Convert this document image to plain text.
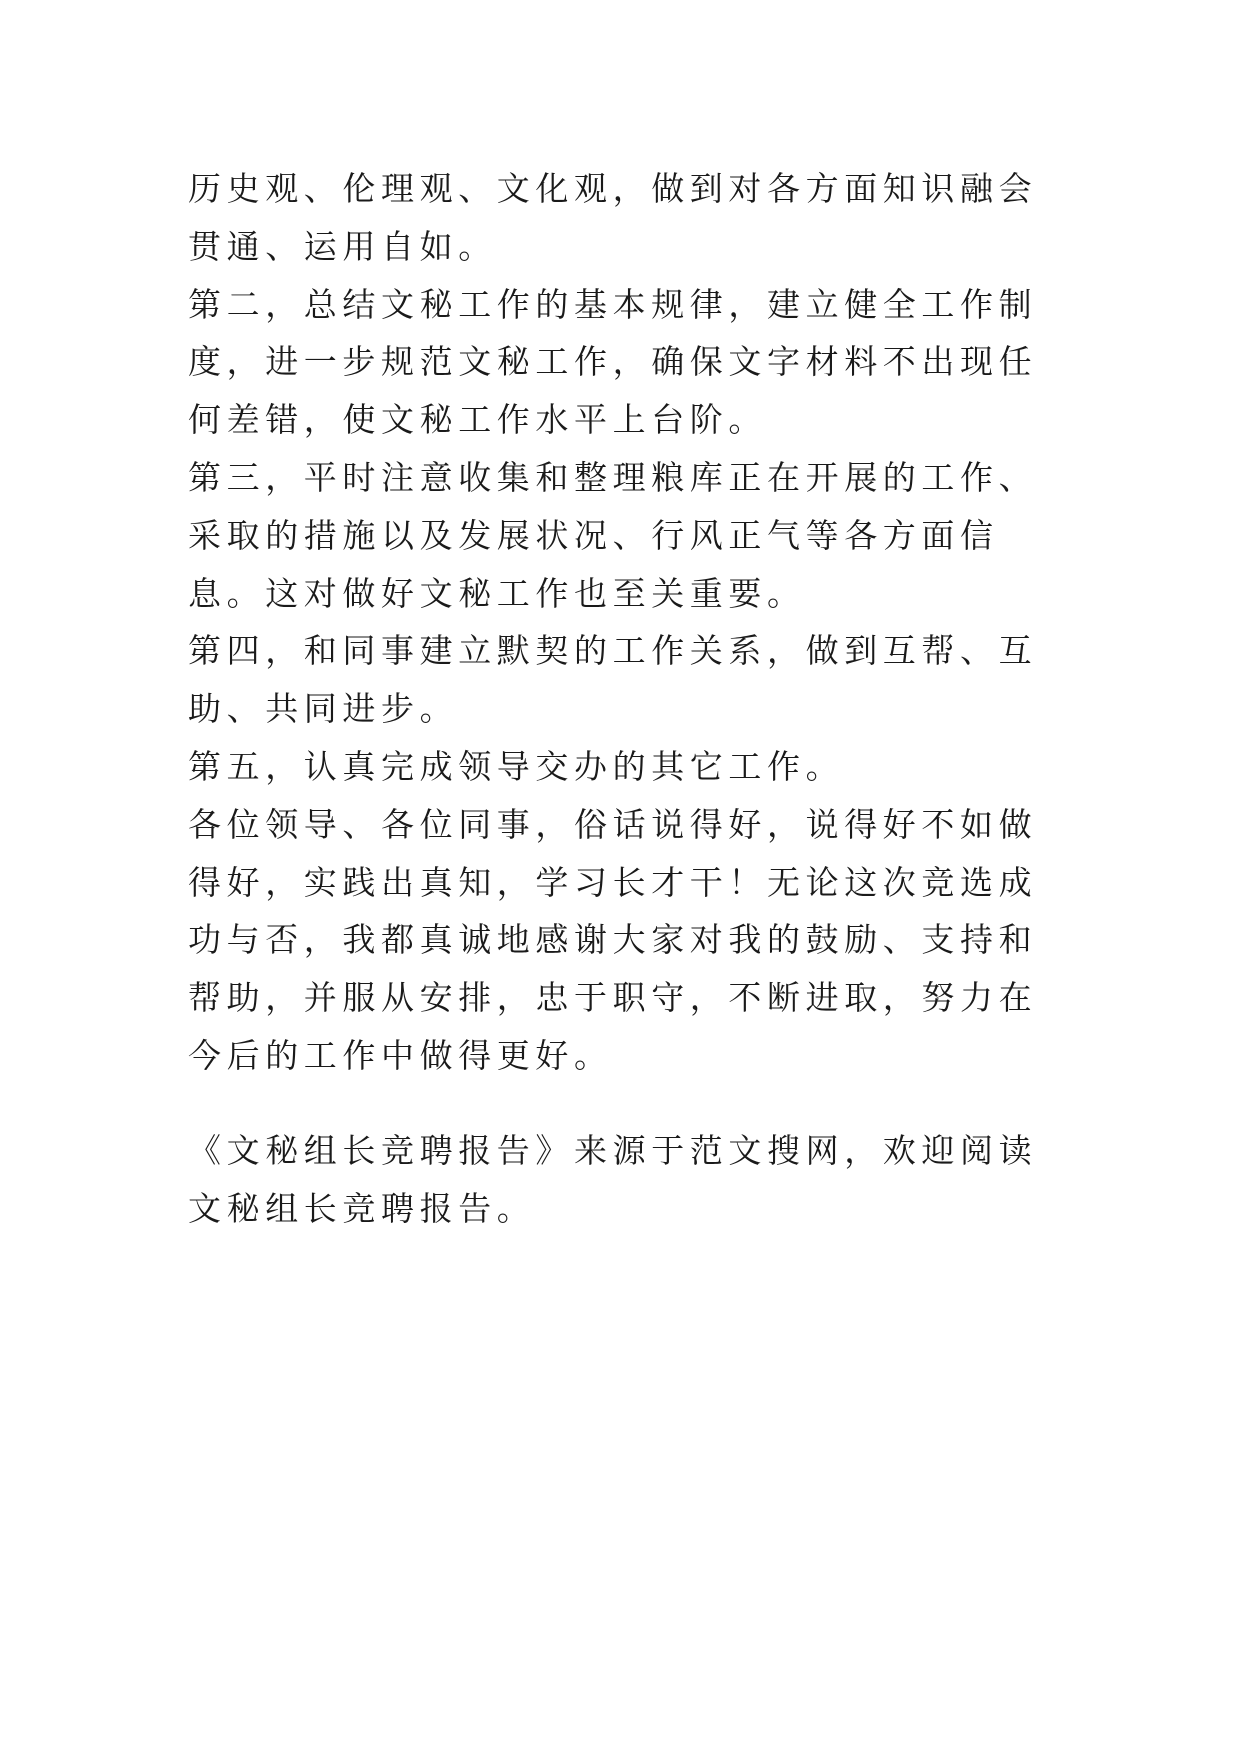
历史观、伦理观、文化观，做到对各方面知识融会贯通、运用自如。

第二，总结文秘工作的基本规律，建立健全工作制度，进一步规范文秘工作，确保文字材料不出现任何差错，使文秘工作水平上台阶。

第三，平时注意收集和整理粮库正在开展的工作、采取的措施以及发展状况、行风正气等各方面信息。这对做好文秘工作也至关重要。

第四，和同事建立默契的工作关系，做到互帮、互助、共同进步。

第五，认真完成领导交办的其它工作。

各位领导、各位同事，俗话说得好，说得好不如做得好，实践出真知，学习长才干！无论这次竞选成功与否，我都真诚地感谢大家对我的鼓励、支持和帮助，并服从安排，忠于职守，不断进取，努力在今后的工作中做得更好。

《文秘组长竞聘报告》来源于范文搜网，欢迎阅读文秘组长竞聘报告。
